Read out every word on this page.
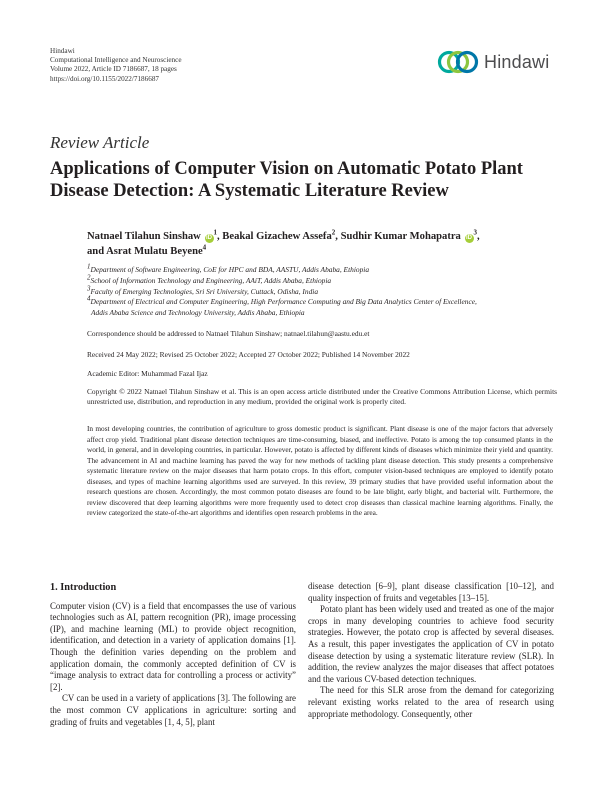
Hindawi
Computational Intelligence and Neuroscience
Volume 2022, Article ID 7186687, 18 pages
https://doi.org/10.1155/2022/7186687
Hindawi
Review Article
Applications of Computer Vision on Automatic Potato Plant Disease Detection: A Systematic Literature Review
Natnael Tilahun Sinshaw $iD^1$, Beakal Gizachew Assefa$^2$, Sudhir Kumar Mohapatra $iD^3$,
and Asrat Mulatu Beyene$^4$
$^1$Department of Software Engineering, CoE for HPC and BDA, AASTU, Addis Ababa, Ethiopia
$^2$School of Information Technology and Engineering, AAiT, Addis Ababa, Ethiopia
$^3$Faculty of Emerging Technologies, Sri Sri University, Cuttack, Odisha, India
$^4$Department of Electrical and Computer Engineering, High Performance Computing and Big Data Analytics Center of Excellence,
Addis Ababa Science and Technology University, Addis Ababa, Ethiopia
Correspondence should be addressed to Natnael Tilahun Sinshaw; natnael.tilahun@aastu.edu.et
Received 24 May 2022; Revised 25 October 2022; Accepted 27 October 2022; Published 14 November 2022
Academic Editor: Muhammad Fazal Ijaz
Copyright © 2022 Natnael Tilahun Sinshaw et al. This is an open access article distributed under the Creative Commons Attribution License, which permits unrestricted use, distribution, and reproduction in any medium, provided the original work is properly cited.
In most developing countries, the contribution of agriculture to gross domestic product is significant. Plant disease is one of the major factors that adversely affect crop yield. Traditional plant disease detection techniques are time-consuming, biased, and ineffective. Potato is among the top consumed plants in the world, in general, and in developing countries, in particular. However, potato is affected by different kinds of diseases which minimize their yield and quantity. The advancement in AI and machine learning has paved the way for new methods of tackling plant disease detection. This study presents a comprehensive systematic literature review on the major diseases that harm potato crops. In this effort, computer vision-based techniques are employed to identify potato diseases, and types of machine learning algorithms used are surveyed. In this review, 39 primary studies that have provided useful information about the research questions are chosen. Accordingly, the most common potato diseases are found to be late blight, early blight, and bacterial wilt. Furthermore, the review discovered that deep learning algorithms were more frequently used to detect crop diseases than classical machine learning algorithms. Finally, the review categorized the state-of-the-art algorithms and identifies open research problems in the area.
1. Introduction

Computer vision (CV) is a field that encompasses the use of various technologies such as AI, pattern recognition (PR), image processing (IP), and machine learning (ML) to provide object recognition, identification, and detection in a variety of application domains [1]. Though the definition varies depending on the problem and application domain, the commonly accepted definition of CV is “image analysis to extract data for controlling a process or activity” [2].

CV can be used in a variety of applications [3]. The following are the most common CV applications in agriculture: sorting and grading of fruits and vegetables [1, 4, 5], plant

disease detection [6–9], plant disease classification [10–12], and quality inspection of fruits and vegetables [13–15].

Potato plant has been widely used and treated as one of the major crops in many developing countries to achieve food security strategies. However, the potato crop is affected by several diseases. As a result, this paper investigates the application of CV in potato disease detection by using a systematic literature review (SLR). In addition, the review analyzes the major diseases that affect potatoes and the various CV-based detection techniques.

The need for this SLR arose from the demand for categorizing relevant existing works related to the area of research using appropriate methodology. Consequently, other
